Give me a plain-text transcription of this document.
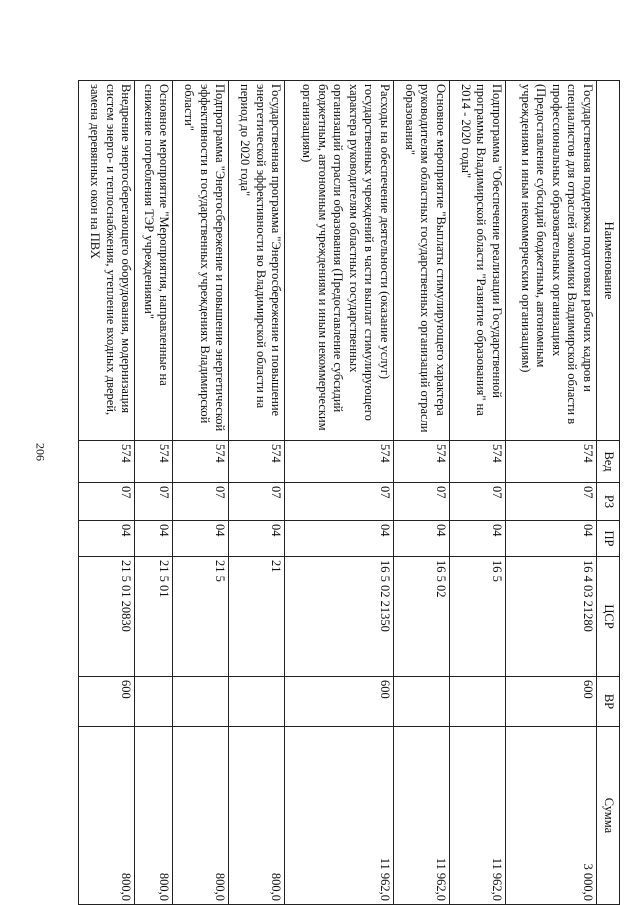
206
Наименование	Вед	РЗ	ПР	ЦСР	ВР	Сумма
Государственная поддержка подготовки рабочих кадров и специалистов для отраслей экономики Владимирской области в профессиональных образовательных организациях (Предоставление субсидий бюджетным, автономным учреждениям и иным некоммерческим организациям)	574	07	04	16 4 03 21280	600	3 000,0
Подпрограмма "Обеспечение реализации Государственной программы Владимирской области "Развитие образования" на 2014 - 2020 годы"	574	07	04	16 5		11 962,0
Основное мероприятие "Выплаты стимулирующего характера руководителям областных государственных организаций отрасли образования"	574	07	04	16 5 02		11 962,0
Расходы на обеспечение деятельности (оказание услуг) государственных учреждений в части выплат стимулирующего характера руководителям областных государственных организаций отрасли образования (Предоставление субсидий бюджетным, автономным учреждениям и иным некоммерческим организациям)	574	07	04	16 5 02 21350	600	11 962,0
Государственная программа "Энергосбережение и повышение энергетической эффективности во Владимирской области на период до 2020 года"	574	07	04	21		800,0
Подпрограмма "Энергосбережение и повышение энергетической эффективности в государственных учреждениях Владимирской области"	574	07	04	21 5		800,0
Основное мероприятие "Мероприятия, направленные на снижение потребления ТЭР учреждениями"	574	07	04	21 5 01		800,0
Внедрение энергосберегающего оборудования, модернизация систем энерго- и теплоснабжения, утепление входных дверей, замена деревянных окон на ПВХ	574	07	04	21 5 01 20830	600	800,0
